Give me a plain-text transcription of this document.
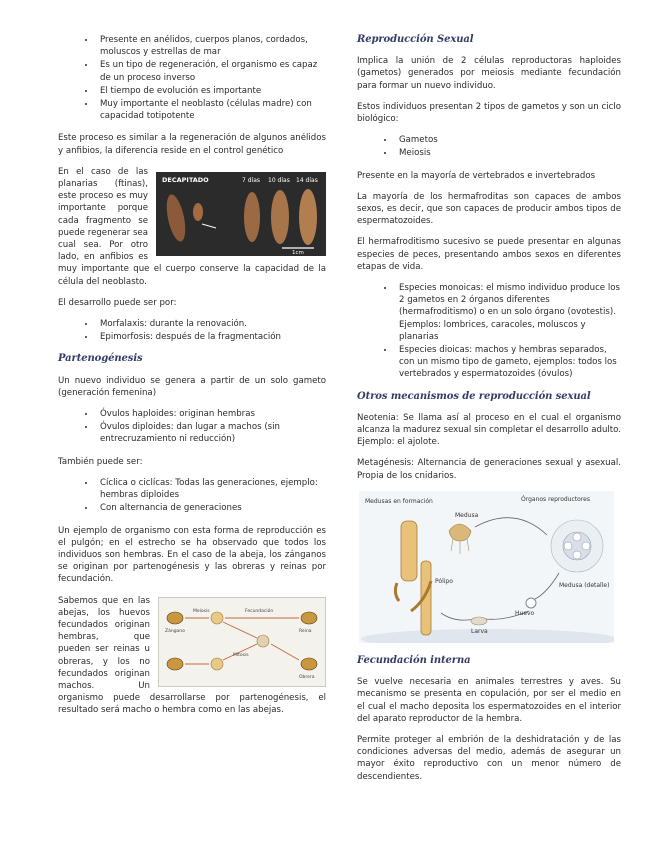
• Presente en anélidos, cuerpos planos, cordados, moluscos y estrellas de mar
• Es un tipo de regeneración, el organismo es capaz de un proceso inverso
• El tiempo de evolución es importante
• Muy importante el neoblasto (células madre) con capacidad totipotente

Este proceso es similar a la regeneración de algunos anélidos y anfibios, la diferencia reside en el control genético

DECAPITADO	7 días 10 días 14 días
1cm

En el caso de las planarias (ftinas), este proceso es muy importante porque cada fragmento se puede regenerar sea cual sea. Por otro lado, en anfibios es muy importante que el cuerpo conserve la capacidad de la célula del neoblasto.

El desarrollo puede ser por:

• Morfalaxis: durante la renovación.
• Epimorfosis: después de la fragmentación
Partenogénesis

Un nuevo individuo se genera a partir de un solo gameto (generación femenina)

• Óvulos haploides: originan hembras
• Óvulos diploides: dan lugar a machos (sin entrecruzamiento ni reducción)

También puede ser:

• Cíclica o ciclícas: Todas las generaciones, ejemplo: hembras diploides
• Con alternancia de generaciones

Un ejemplo de organismo con esta forma de reproducción es el pulgón; en el estrecho se ha observado que todos los individuos son hembras. En el caso de la abeja, los zánganos se originan por partenogénesis y las obreras y reinas por fecundación.

Zángano
Meiosis	Fecundación
Mitosis
Reina
Obrera

Sabemos que en las abejas, los huevos fecundados originan hembras, que pueden ser reinas u obreras, y los no fecundados originan machos. Un organismo puede desarrollarse por partenogénesis, el resultado será macho o hembra como en las abejas.

Reproducción Sexual

Implica la unión de 2 células reproductoras haploides (gametos) generados por meiosis mediante fecundación para formar un nuevo individuo.

Estos individuos presentan 2 tipos de gametos y son un ciclo biológico:

• Gametos
• Meiosis

Presente en la mayoría de vertebrados e invertebrados

La mayoría de los hermafroditas son capaces de ambos sexos, es decir, que son capaces de producir ambos tipos de espermatozoides.

El hermafroditismo sucesivo se puede presentar en algunas especies de peces, presentando ambos sexos en diferentes etapas de vida.

• Especies monoicas: el mismo individuo produce los 2 gametos en 2 órganos diferentes (hermafroditismo) o en un solo órgano (ovotestis). Ejemplos: lombrices, caracoles, moluscos y planarias
• Especies dioicas: machos y hembras separados, con un mismo tipo de gameto, ejemplos: todos los vertebrados y espermatozoides (óvulos)
Otros mecanismos de reproducción sexual

Neotenia: Se llama así al proceso en el cual el organismo alcanza la madurez sexual sin completar el desarrollo adulto. Ejemplo: el ajolote.

Metagénesis: Alternancia de generaciones sexual y asexual. Propia de los cnidarios.

Medusas en formación
Medusa
Órganos reproductores
Pólipo
Medusa (detalle)
Huevo
Larva
Fecundación interna

Se vuelve necesaria en animales terrestres y aves. Su mecanismo se presenta en copulación, por ser el medio en el cual el macho deposita los espermatozoides en el interior del aparato reproductor de la hembra.

Permite proteger al embrión de la deshidratación y de las condiciones adversas del medio, además de asegurar un mayor éxito reproductivo con un menor número de descendientes.
